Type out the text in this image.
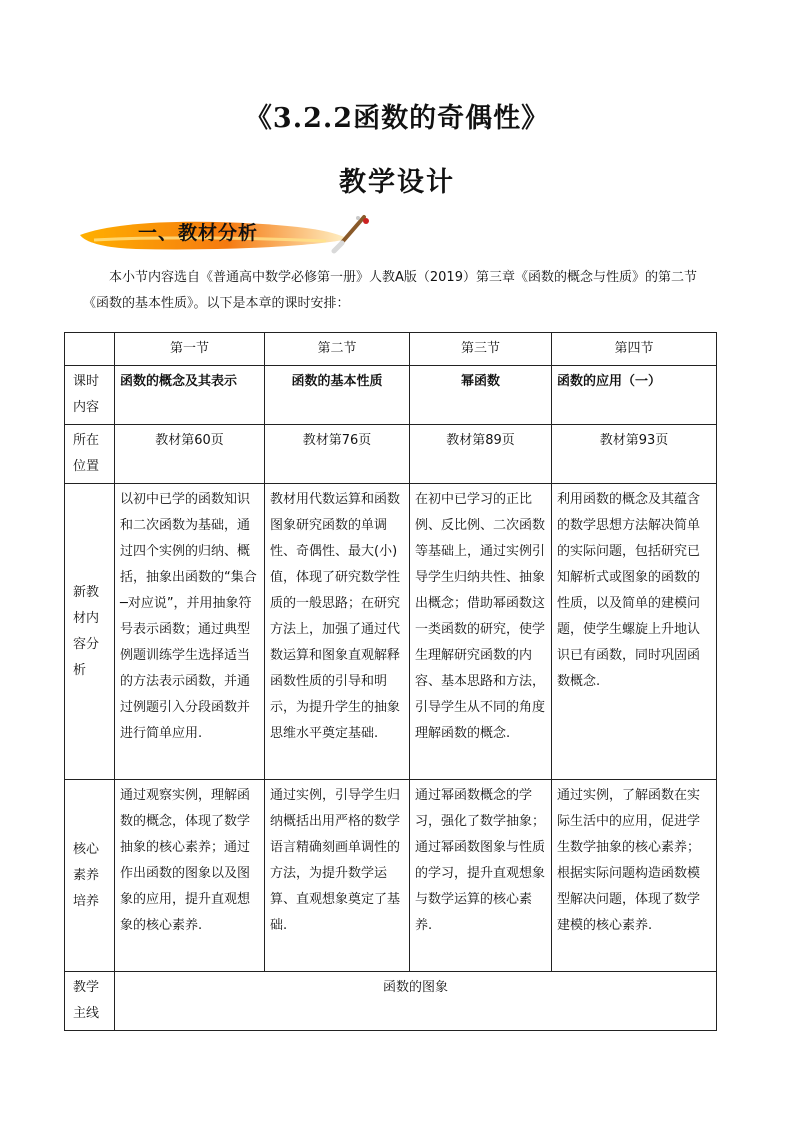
《3.2.2函数的奇偶性》
教学设计
一、教材分析
本小节内容选自《普通高中数学必修第一册》人教A版（2019）第三章《函数的概念与性质》的第二节《函数的基本性质》。以下是本章的课时安排：
	第一节	第二节	第三节	第四节
课时内容	函数的概念及其表示	函数的基本性质	幂函数	函数的应用（一）
所在位置	教材第60页	教材第76页	教材第89页	教材第93页
新教材内容分析	以初中已学的函数知识和二次函数为基础，通过四个实例的归纳、概括，抽象出函数的“集合─对应说”，并用抽象符号表示函数；通过典型例题训练学生选择适当的方法表示函数，并通过例题引入分段函数并进行简单应用.	教材用代数运算和函数图象研究函数的单调性、奇偶性、最大(小)值，体现了研究数学性质的一般思路；在研究方法上，加强了通过代数运算和图象直观解释函数性质的引导和明示，为提升学生的抽象思维水平奠定基础.	在初中已学习的正比例、反比例、二次函数等基础上，通过实例引导学生归纳共性、抽象出概念；借助幂函数这一类函数的研究，使学生理解研究函数的内容、基本思路和方法，引导学生从不同的角度理解函数的概念.	利用函数的概念及其蕴含的数学思想方法解决简单的实际问题，包括研究已知解析式或图象的函数的性质，以及简单的建模问题，使学生螺旋上升地认识已有函数，同时巩固函数概念.
核心素养培养	通过观察实例，理解函数的概念，体现了数学抽象的核心素养；通过作出函数的图象以及图象的应用，提升直观想象的核心素养.	通过实例，引导学生归纳概括出用严格的数学语言精确刻画单调性的方法，为提升数学运算、直观想象奠定了基础.	通过幂函数概念的学习，强化了数学抽象；通过幂函数图象与性质的学习，提升直观想象与数学运算的核心素养.	通过实例，了解函数在实际生活中的应用，促进学生数学抽象的核心素养；根据实际问题构造函数模型解决问题，体现了数学建模的核心素养.
教学主线	函数的图象			
